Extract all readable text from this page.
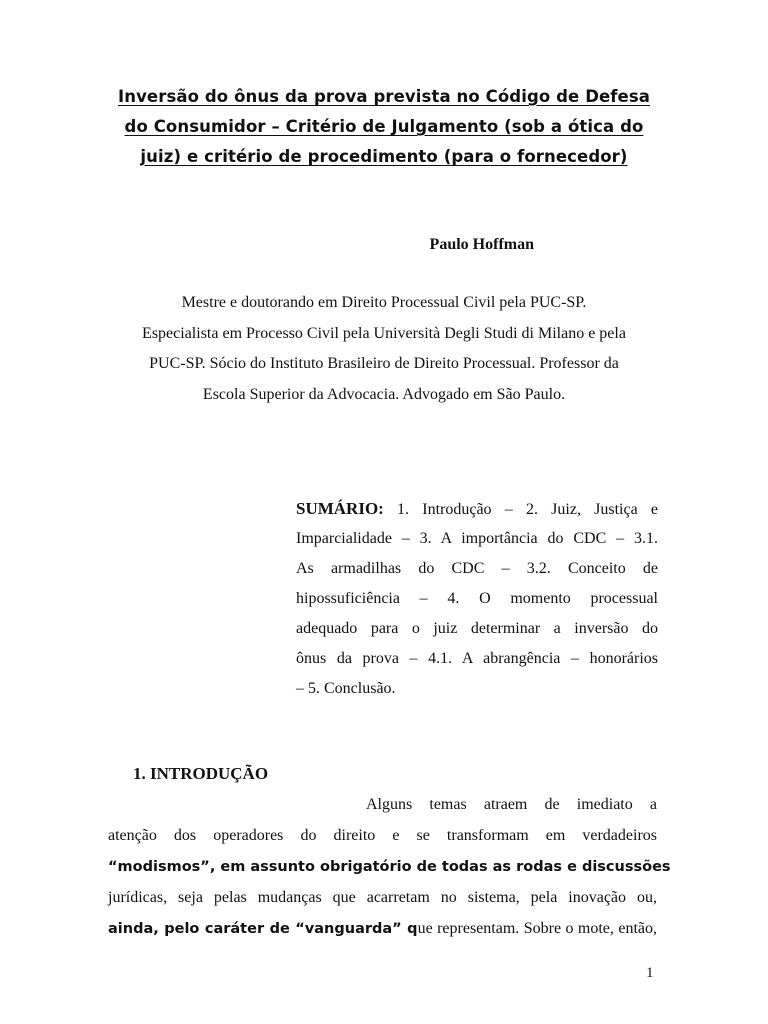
Inversão do ônus da prova prevista no Código de Defesa
do Consumidor – Critério de Julgamento (sob a ótica do
juiz) e critério de procedimento (para o fornecedor)
Paulo Hoffman
Mestre e doutorando em Direito Processual Civil pela PUC-SP.
Especialista em Processo Civil pela Università Degli Studi di Milano e pela
PUC-SP. Sócio do Instituto Brasileiro de Direito Processual. Professor da
Escola Superior da Advocacia. Advogado em São Paulo.
SUMÁRIO: 1. Introdução – 2. Juiz, Justiça e
Imparcialidade – 3. A importância do CDC – 3.1.
As armadilhas do CDC – 3.2. Conceito de
hipossuficiência – 4. O momento processual
adequado para o juiz determinar a inversão do
ônus da prova – 4.1. A abrangência – honorários
– 5. Conclusão.
1. INTRODUÇÃO
Alguns temas atraem de imediato a
atenção dos operadores do direito e se transformam em verdadeiros
“modismos”, em assunto obrigatório de todas as rodas e discussões
jurídicas, seja pelas mudanças que acarretam no sistema, pela inovação ou,
ainda, pelo caráter de “vanguarda” que representam. Sobre o mote, então,
1
